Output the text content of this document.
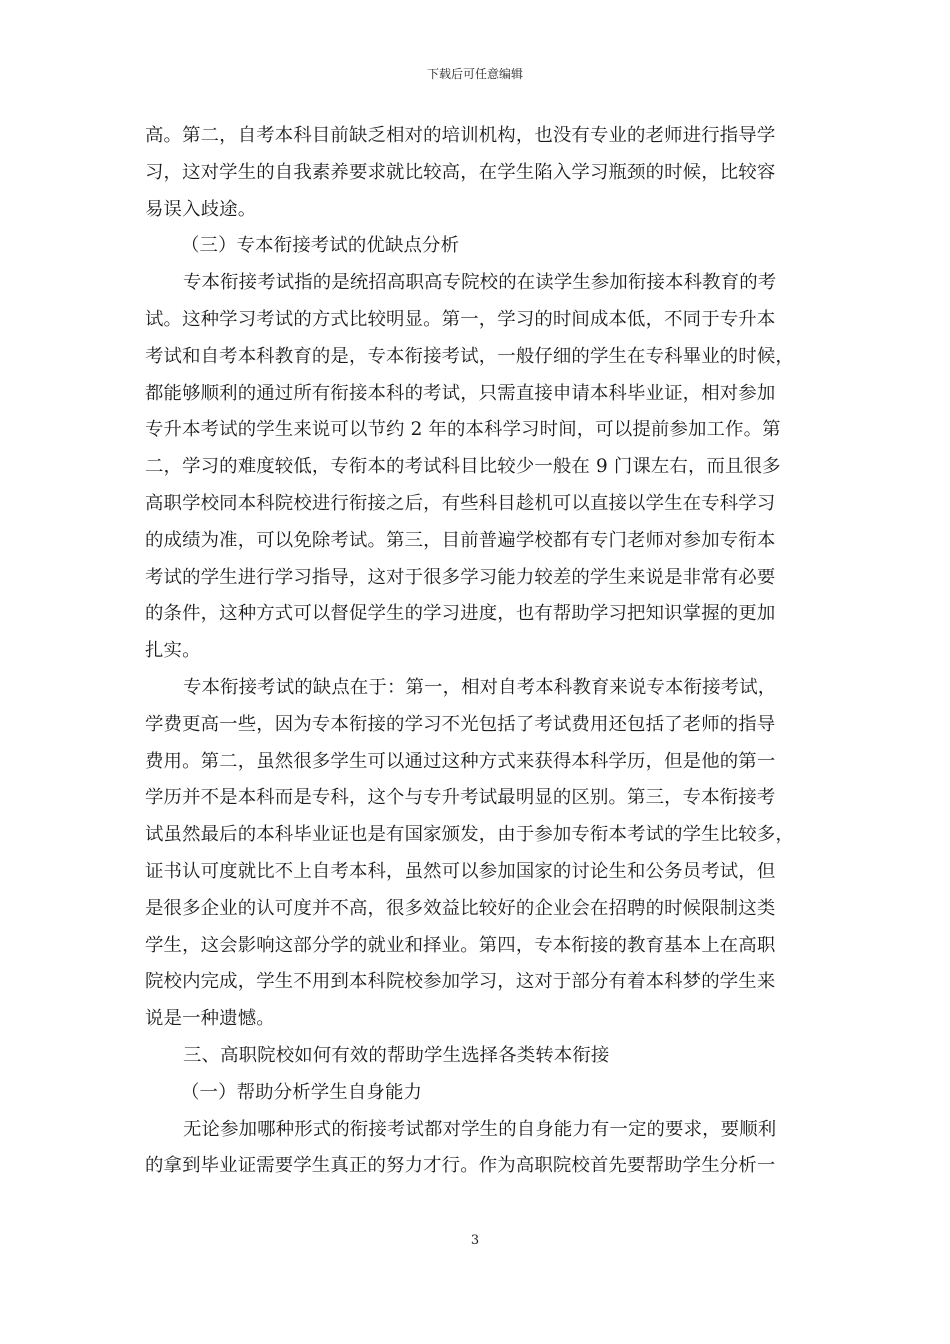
下载后可任意编辑
高。第二，自考本科目前缺乏相对的培训机构，也没有专业的老师进行指导学
习，这对学生的自我素养要求就比较高，在学生陷入学习瓶颈的时候，比较容
易误入歧途。
（三）专本衔接考试的优缺点分析
专本衔接考试指的是统招高职高专院校的在读学生参加衔接本科教育的考
试。这种学习考试的方式比较明显。第一，学习的时间成本低，不同于专升本
考试和自考本科教育的是，专本衔接考试，一般仔细的学生在专科畢业的时候，
都能够顺利的通过所有衔接本科的考试，只需直接申请本科毕业证，相对参加
专升本考试的学生来说可以节约 2 年的本科学习时间，可以提前参加工作。第
二，学习的难度较低，专衔本的考试科目比较少一般在 9 门课左右，而且很多
高职学校同本科院校进行衔接之后，有些科目趁机可以直接以学生在专科学习
的成绩为准，可以免除考试。第三，目前普遍学校都有专门老师对参加专衔本
考试的学生进行学习指导，这对于很多学习能力较差的学生来说是非常有必要
的条件，这种方式可以督促学生的学习进度，也有帮助学习把知识掌握的更加
扎实。
专本衔接考试的缺点在于：第一，相对自考本科教育来说专本衔接考试，
学费更高一些，因为专本衔接的学习不光包括了考试费用还包括了老师的指导
费用。第二，虽然很多学生可以通过这种方式来获得本科学历，但是他的第一
学历并不是本科而是专科，这个与专升考试最明显的区别。第三，专本衔接考
试虽然最后的本科毕业证也是有国家颁发，由于参加专衔本考试的学生比较多，
证书认可度就比不上自考本科，虽然可以参加国家的讨论生和公务员考试，但
是很多企业的认可度并不高，很多效益比较好的企业会在招聘的时候限制这类
学生，这会影响这部分学的就业和择业。第四，专本衔接的教育基本上在高职
院校内完成，学生不用到本科院校参加学习，这对于部分有着本科梦的学生来
说是一种遗憾。
三、高职院校如何有效的帮助学生选择各类转本衔接
（一）帮助分析学生自身能力
无论参加哪种形式的衔接考试都对学生的自身能力有一定的要求，要顺利
的拿到毕业证需要学生真正的努力才行。作为高职院校首先要帮助学生分析一
3
